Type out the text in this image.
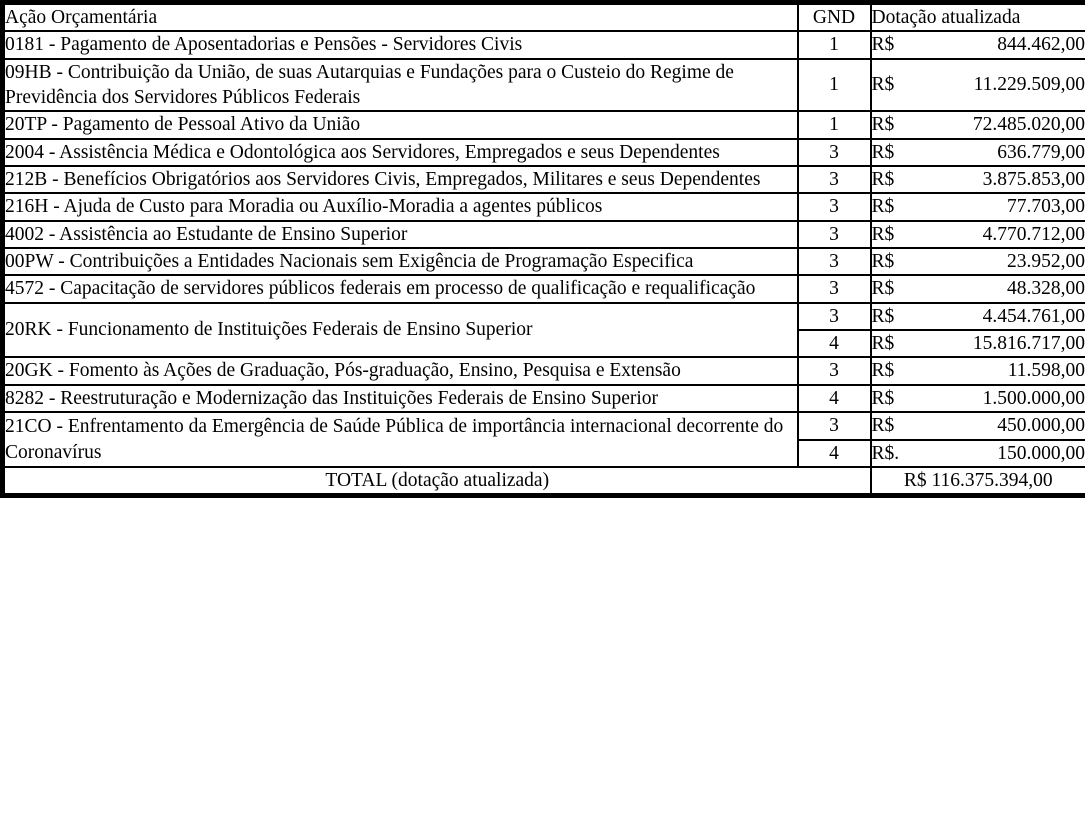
Ação Orçamentária	GND	Dotação atualizada
0181 - Pagamento de Aposentadorias e Pensões - Servidores Civis	1	R$ 844.462,00

09HB - Contribuição da União, de suas Autarquias e Fundações para o Custeio do Regime de Previdência dos Servidores Públicos Federais	1	R$ 11.229.509,00

20TP - Pagamento de Pessoal Ativo da União	1	R$ 72.485.020,00

2004 - Assistência Médica e Odontológica aos Servidores, Empregados e seus Dependentes	3	R$ 636.779,00

212B - Benefícios Obrigatórios aos Servidores Civis, Empregados, Militares e seus Dependentes	3	R$ 3.875.853,00

216H - Ajuda de Custo para Moradia ou Auxílio-Moradia a agentes públicos	3	R$ 77.703,00

4002 - Assistência ao Estudante de Ensino Superior	3	R$ 4.770.712,00

00PW - Contribuições a Entidades Nacionais sem Exigência de Programação Especifica	3	R$ 23.952,00

4572 - Capacitação de servidores públicos federais em processo de qualificação e requalificação	3	R$ 48.328,00

20RK - Funcionamento de Instituições Federais de Ensino Superior	3	R$ 4.454.761,00

	4	R$ 15.816.717,00

20GK - Fomento às Ações de Graduação, Pós-graduação, Ensino, Pesquisa e Extensão	3	R$ 11.598,00

8282 - Reestruturação e Modernização das Instituições Federais de Ensino Superior	4	R$ 1.500.000,00

21CO - Enfrentamento da Emergência de Saúde Pública de importância internacional decorrente do Coronavírus	3	R$ 450.000,00

	4	R$. 150.000,00

TOTAL (dotação atualizada)		R$ 116.375.394,00
